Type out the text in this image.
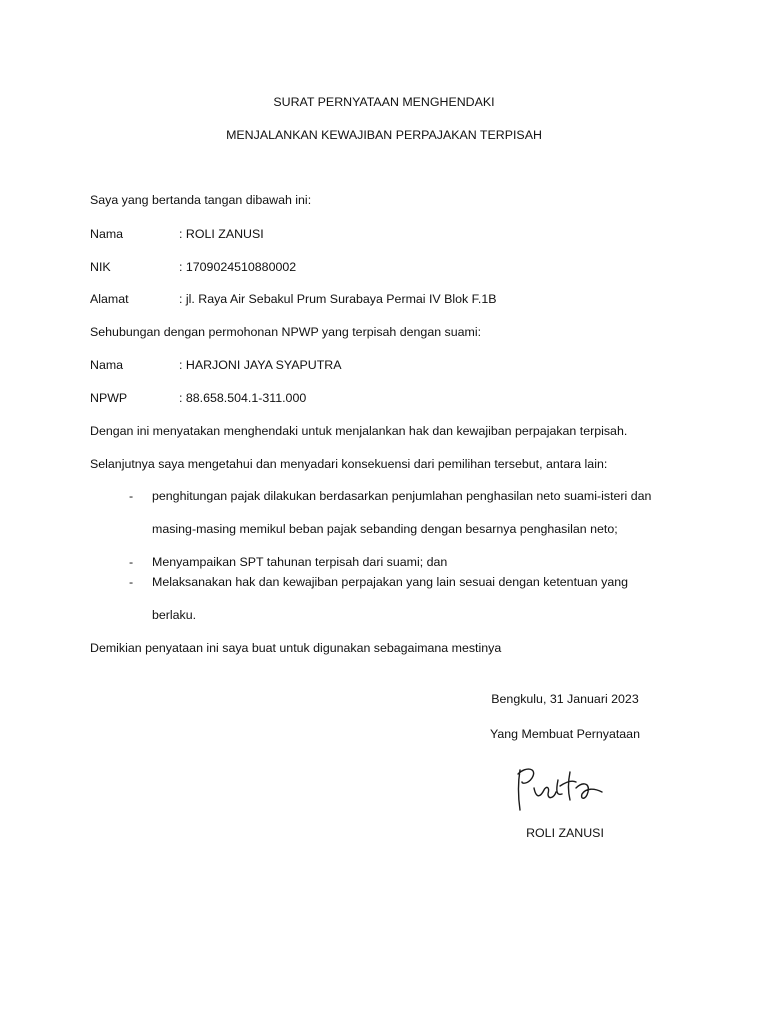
SURAT PERNYATAAN MENGHENDAKI
MENJALANKAN KEWAJIBAN PERPAJAKAN TERPISAH
Saya yang bertanda tangan dibawah ini:
Nama	: ROLI ZANUSI
NIK	: 1709024510880002
Alamat	: jl. Raya Air Sebakul Prum Surabaya Permai IV Blok F.1B
Sehubungan dengan permohonan NPWP yang terpisah dengan suami:
Nama	: HARJONI JAYA SYAPUTRA
NPWP	: 88.658.504.1-311.000
Dengan ini menyatakan menghendaki untuk menjalankan hak dan kewajiban perpajakan terpisah.
Selanjutnya saya mengetahui dan menyadari konsekuensi dari pemilihan tersebut, antara lain:
- penghitungan pajak dilakukan berdasarkan penjumlahan penghasilan neto suami-isteri dan
masing-masing memikul beban pajak sebanding dengan besarnya penghasilan neto;
- Menyampaikan SPT tahunan terpisah dari suami; dan
- Melaksanakan hak dan kewajiban perpajakan yang lain sesuai dengan ketentuan yang
berlaku.
Demikian penyataan ini saya buat untuk digunakan sebagaimana mestinya
Bengkulu, 31 Januari 2023
Yang Membuat Pernyataan
ROLI ZANUSI
